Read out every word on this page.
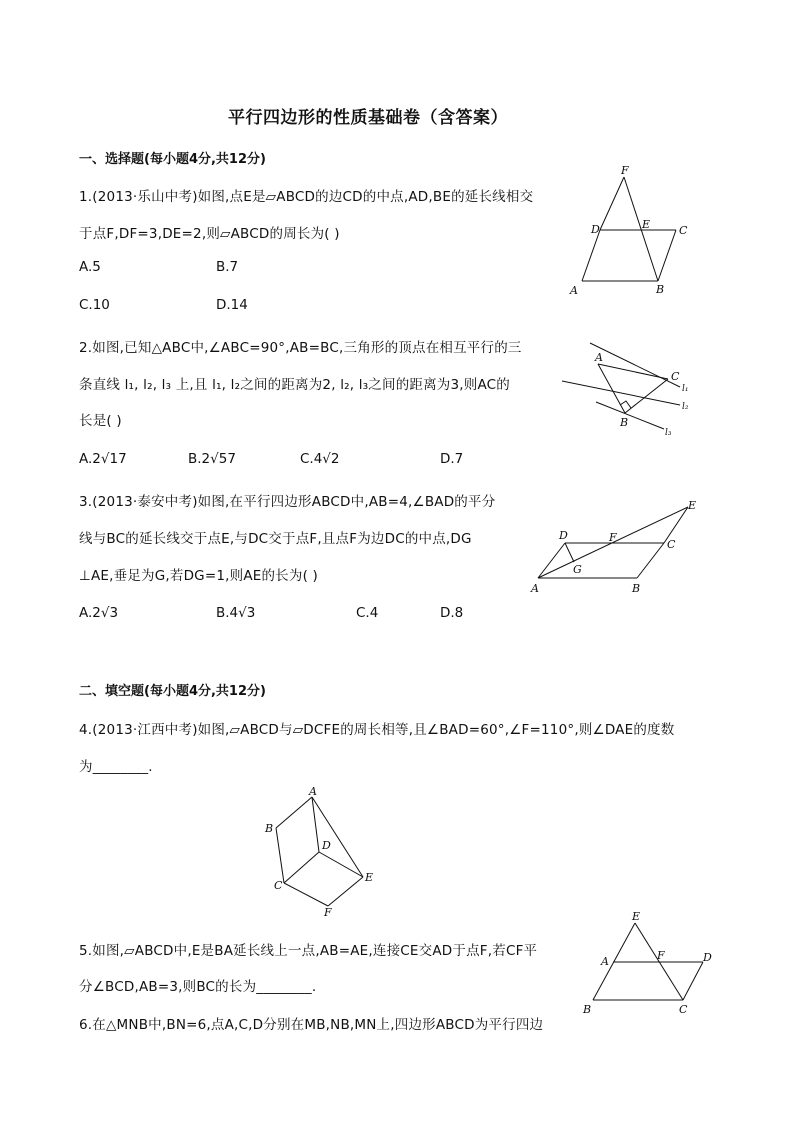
平行四边形的性质基础卷（含答案）
一、选择题(每小题4分,共12分)
1.(2013·乐山中考)如图,点E是▱ABCD的边CD的中点,AD,BE的延长线相交
于点F,DF=3,DE=2,则▱ABCD的周长为( )
A.5	B.7
C.10	D.14
F
D	E	C
A	B
2.如图,已知△ABC中,∠ABC=90°,AB=BC,三角形的顶点在相互平行的三
条直线 l₁, l₂, l₃ 上,且 l₁, l₂之间的距离为2, l₂, l₃之间的距离为3,则AC的
长是( )
A.2√17	B.2√57	C.4√2	D.7
A
C
B
l₁
l₂
l₃
3.(2013·泰安中考)如图,在平行四边形ABCD中,AB=4,∠BAD的平分
线与BC的延长线交于点E,与DC交于点F,且点F为边DC的中点,DG
⊥AE,垂足为G,若DG=1,则AE的长为( )
A.2√3	B.4√3	C.4	D.8
D	F
E
C
G
A	B
二、填空题(每小题4分,共12分)
4.(2013·江西中考)如图,▱ABCD与▱DCFE的周长相等,且∠BAD=60°,∠F=110°,则∠DAE的度数
为________.
A
B
D
C
E
F
5.如图,▱ABCD中,E是BA延长线上一点,AB=AE,连接CE交AD于点F,若CF平
分∠BCD,AB=3,则BC的长为________.
E
A	F	D
B	C
6.在△MNB中,BN=6,点A,C,D分别在MB,NB,MN上,四边形ABCD为平行四边
